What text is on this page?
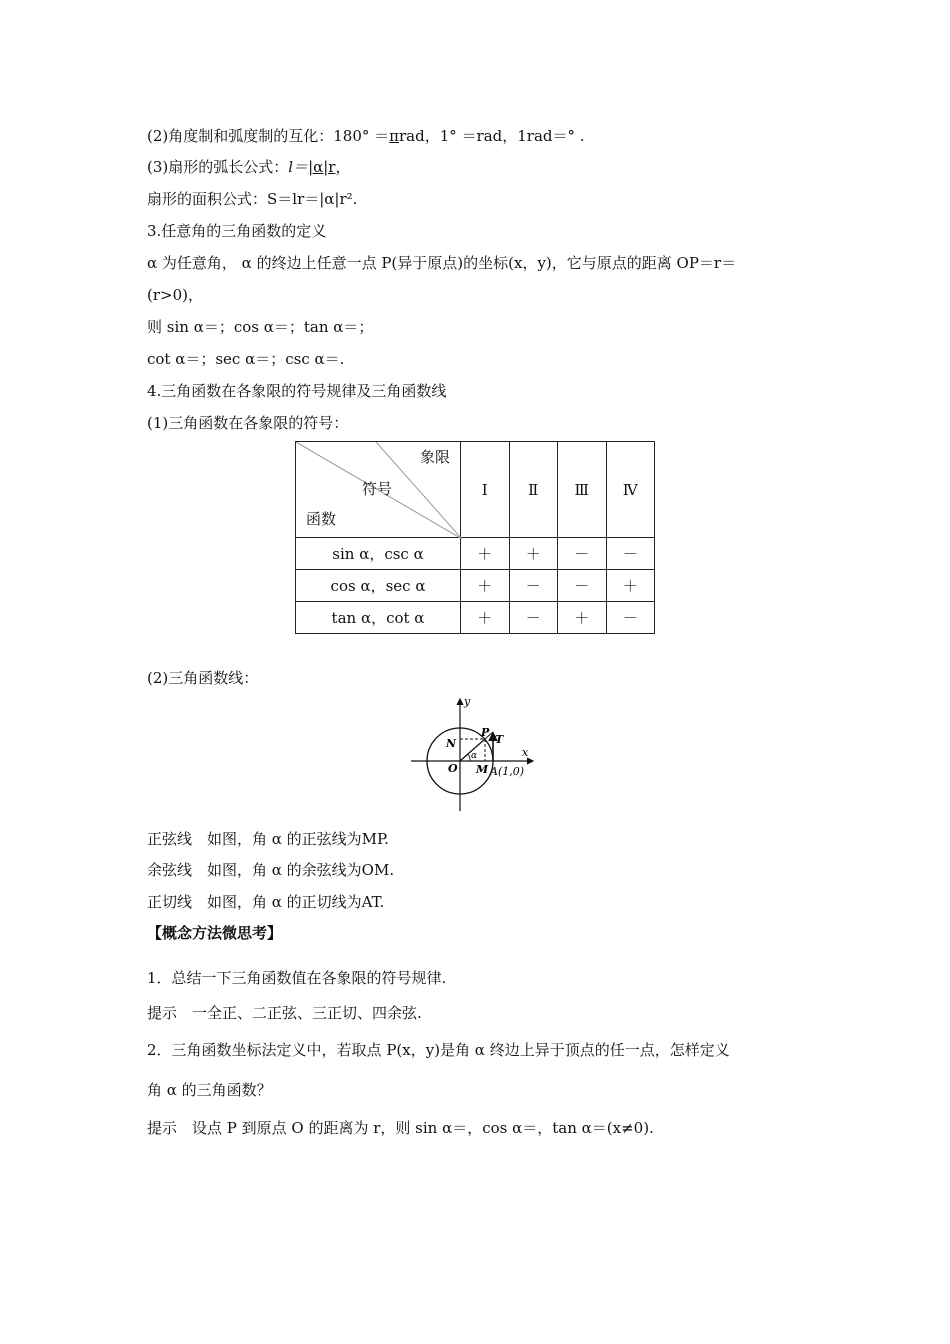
(2)角度制和弧度制的互化：180° ＝πrad，1° ＝rad，1rad＝° .
(3)扇形的弧长公式：l＝|α|r，
扇形的面积公式：S＝lr＝|α|r².
3.任意角的三角函数的定义
α 为任意角， α 的终边上任意一点 P(异于原点)的坐标(x，y)，它与原点的距离 OP＝r＝
(r>0)，
则 sin α＝；cos α＝；tan α＝；
cot α＝；sec α＝；csc α＝.
4.三角函数在各象限的符号规律及三角函数线
(1)三角函数在各象限的符号：
象限
符号
函数	Ⅰ	Ⅱ	Ⅲ	Ⅳ
sin α，csc α	＋	＋	－	－
cos α，sec α	＋	－	－	＋
tan α，cot α	＋	－	＋	－
(2)三角函数线：
y
x
P
T
N
O M A(1,0)
α
正弦线　如图，角 α 的正弦线为MP.
余弦线　如图，角 α 的余弦线为OM.
正切线　如图，角 α 的正切线为AT.
【概念方法微思考】
1．总结一下三角函数值在各象限的符号规律.
提示　一全正、二正弦、三正切、四余弦.
2．三角函数坐标法定义中，若取点 P(x，y)是角 α 终边上异于顶点的任一点，怎样定义
角 α 的三角函数？
提示　设点 P 到原点 O 的距离为 r，则 sin α＝，cos α＝，tan α＝(x≠0).
